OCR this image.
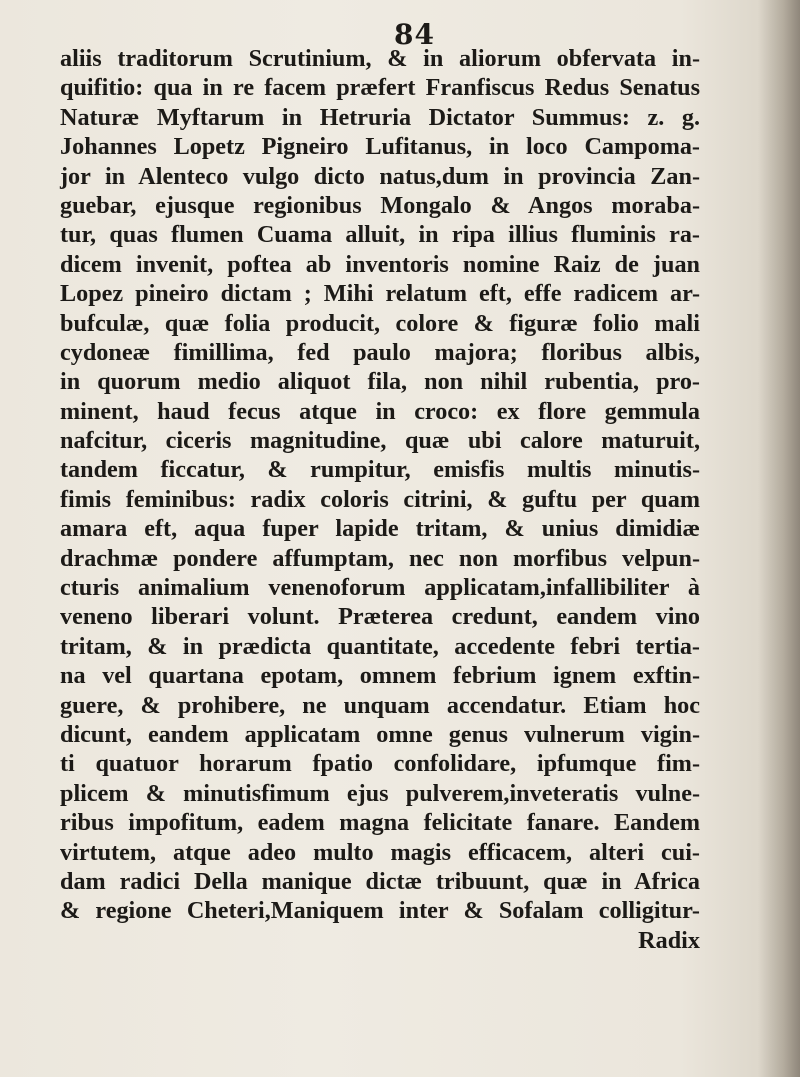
84
aliis traditorum Scrutinium, & in aliorum obfervata in-
quifitio: qua in re facem præfert Franfiscus Redus Senatus
Naturæ Myftarum in Hetruria Dictator Summus: z. g.
Johannes Lopetz Pigneiro Lufitanus, in loco Campoma-
jor in Alenteco vulgo dicto natus,dum in provincia Zan-
guebar, ejusque regionibus Mongalo & Angos moraba-
tur, quas flumen Cuama alluit, in ripa illius fluminis ra-
dicem invenit, poftea ab inventoris nomine Raiz de juan
Lopez pineiro dictam ; Mihi relatum eft, effe radicem ar-
bufculæ, quæ folia producit, colore & figuræ folio mali
cydoneæ fimillima, fed paulo majora; floribus albis,
in quorum medio aliquot fila, non nihil rubentia, pro-
minent, haud fecus atque in croco: ex flore gemmula
nafcitur, ciceris magnitudine, quæ ubi calore maturuit,
tandem ficcatur, & rumpitur, emisfis multis minutis-
fimis feminibus: radix coloris citrini, & guftu per quam
amara eft, aqua fuper lapide tritam, & unius dimidiæ
drachmæ pondere affumptam, nec non morfibus velpun-
cturis animalium venenoforum applicatam,infallibiliter à
veneno liberari volunt. Præterea credunt, eandem vino
tritam, & in prædicta quantitate, accedente febri tertia-
na vel quartana epotam, omnem febrium ignem exftin-
guere, & prohibere, ne unquam accendatur. Etiam hoc
dicunt, eandem applicatam omne genus vulnerum vigin-
ti quatuor horarum fpatio confolidare, ipfumque fim-
plicem & minutisfimum ejus pulverem,inveteratis vulne-
ribus impofitum, eadem magna felicitate fanare. Eandem
virtutem, atque adeo multo magis efficacem, alteri cui-
dam radici Della manique dictæ tribuunt, quæ in Africa
& regione Cheteri,Maniquem inter & Sofalam colligitur-
Radix
